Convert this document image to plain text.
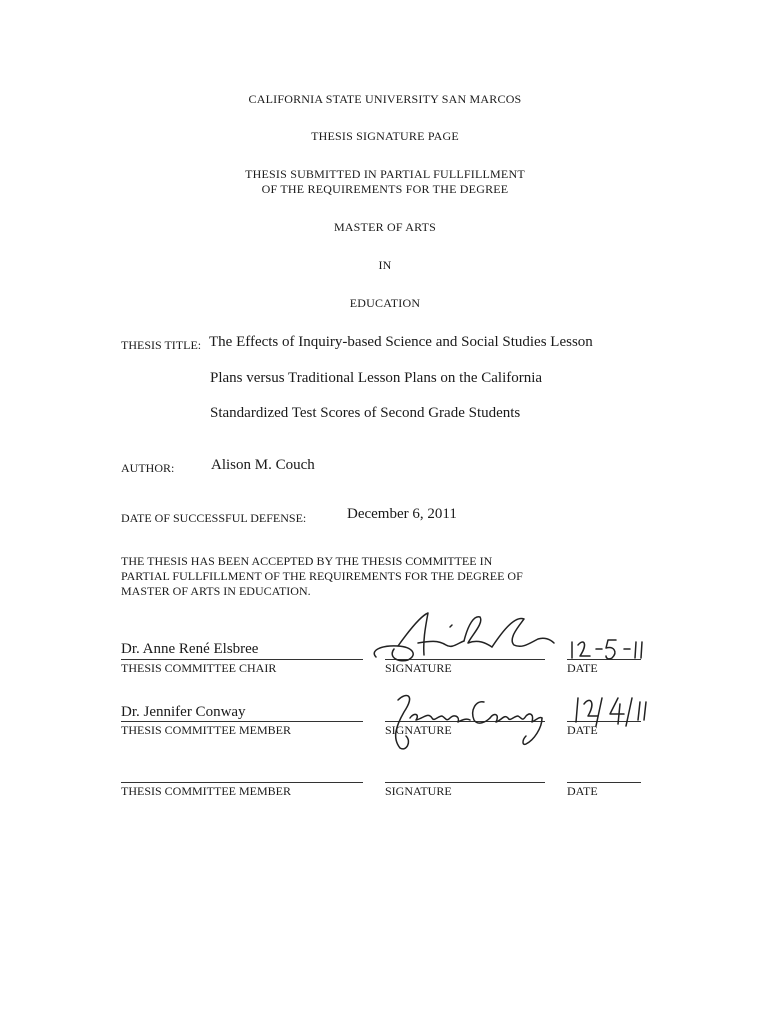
CALIFORNIA STATE UNIVERSITY SAN MARCOS
THESIS SIGNATURE PAGE
THESIS SUBMITTED IN PARTIAL FULLFILLMENT
OF THE REQUIREMENTS FOR THE DEGREE
MASTER OF ARTS
IN
EDUCATION
THESIS TITLE: The Effects of Inquiry-based Science and Social Studies Lesson
Plans versus Traditional Lesson Plans on the California
Standardized Test Scores of Second Grade Students
AUTHOR: Alison M. Couch
DATE OF SUCCESSFUL DEFENSE:	December 6, 2011
THE THESIS HAS BEEN ACCEPTED BY THE THESIS COMMITTEE IN
PARTIAL FULLFILLMENT OF THE REQUIREMENTS FOR THE DEGREE OF
MASTER OF ARTS IN EDUCATION.
Dr. Anne René Elsbree
THESIS COMMITTEE CHAIR	SIGNATURE	DATE
Dr. Jennifer Conway
THESIS COMMITTEE MEMBER	SIGNATURE	DATE
THESIS COMMITTEE MEMBER	SIGNATURE	DATE
